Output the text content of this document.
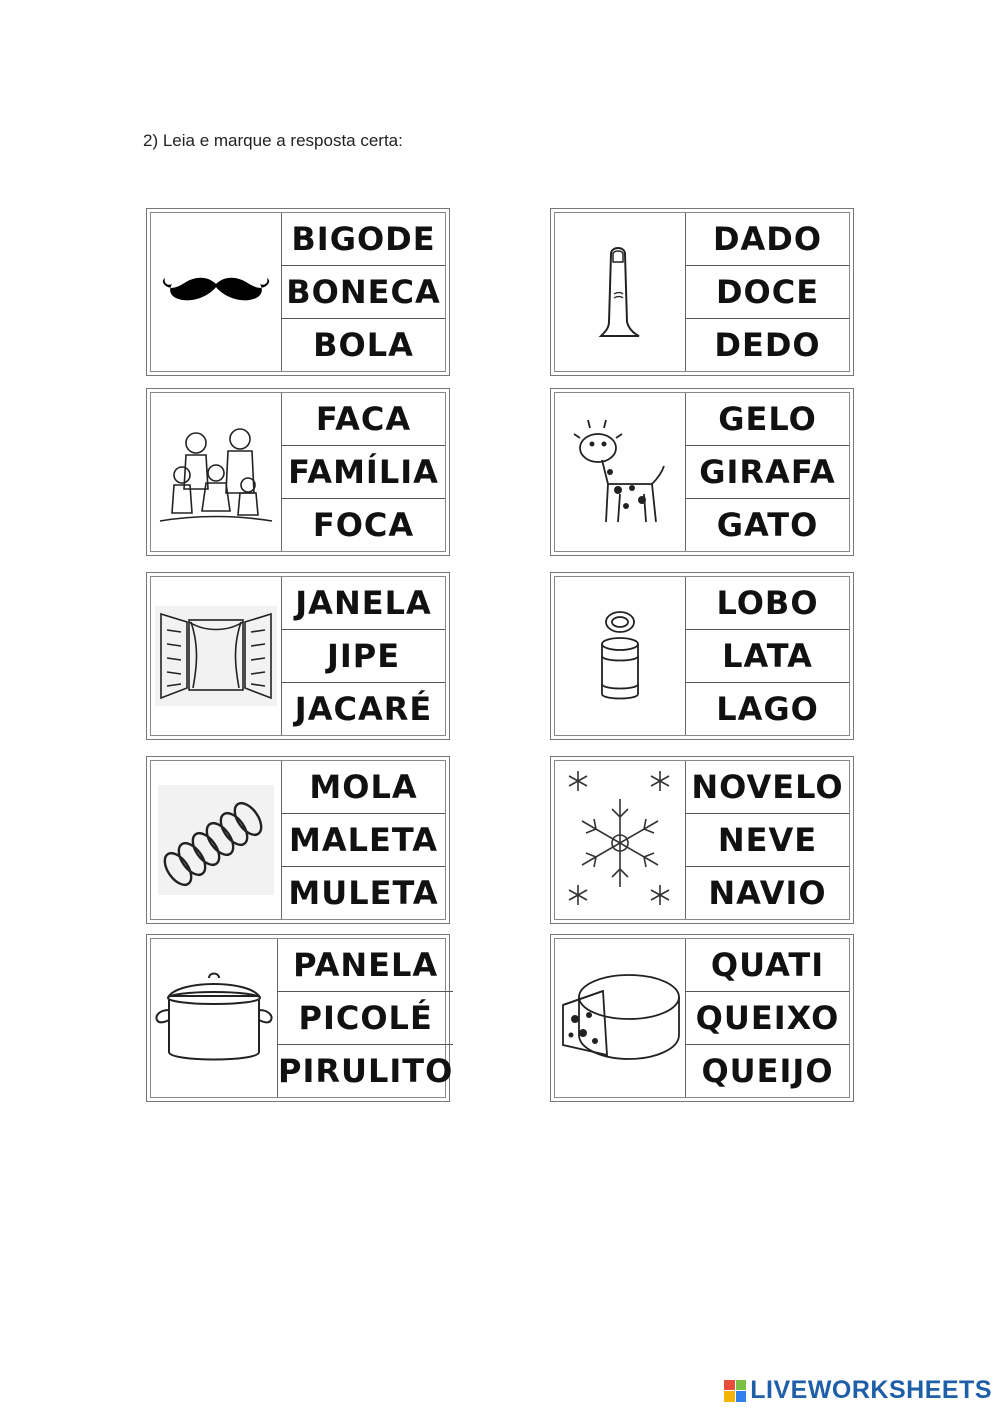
2) Leia e marque a resposta certa:
BIGODE
BONECA
BOLA
DADO
DOCE
DEDO
FACA
FAMÍLIA
FOCA
GELO
GIRAFA
GATO
JANELA
JIPE
JACARÉ
LOBO
LATA
LAGO
MOLA
MALETA
MULETA
NOVELO
NEVE
NAVIO
PANELA
PICOLÉ
PIRULITO
QUATI
QUEIXO
QUEIJO
LIVEWORKSHEETS
